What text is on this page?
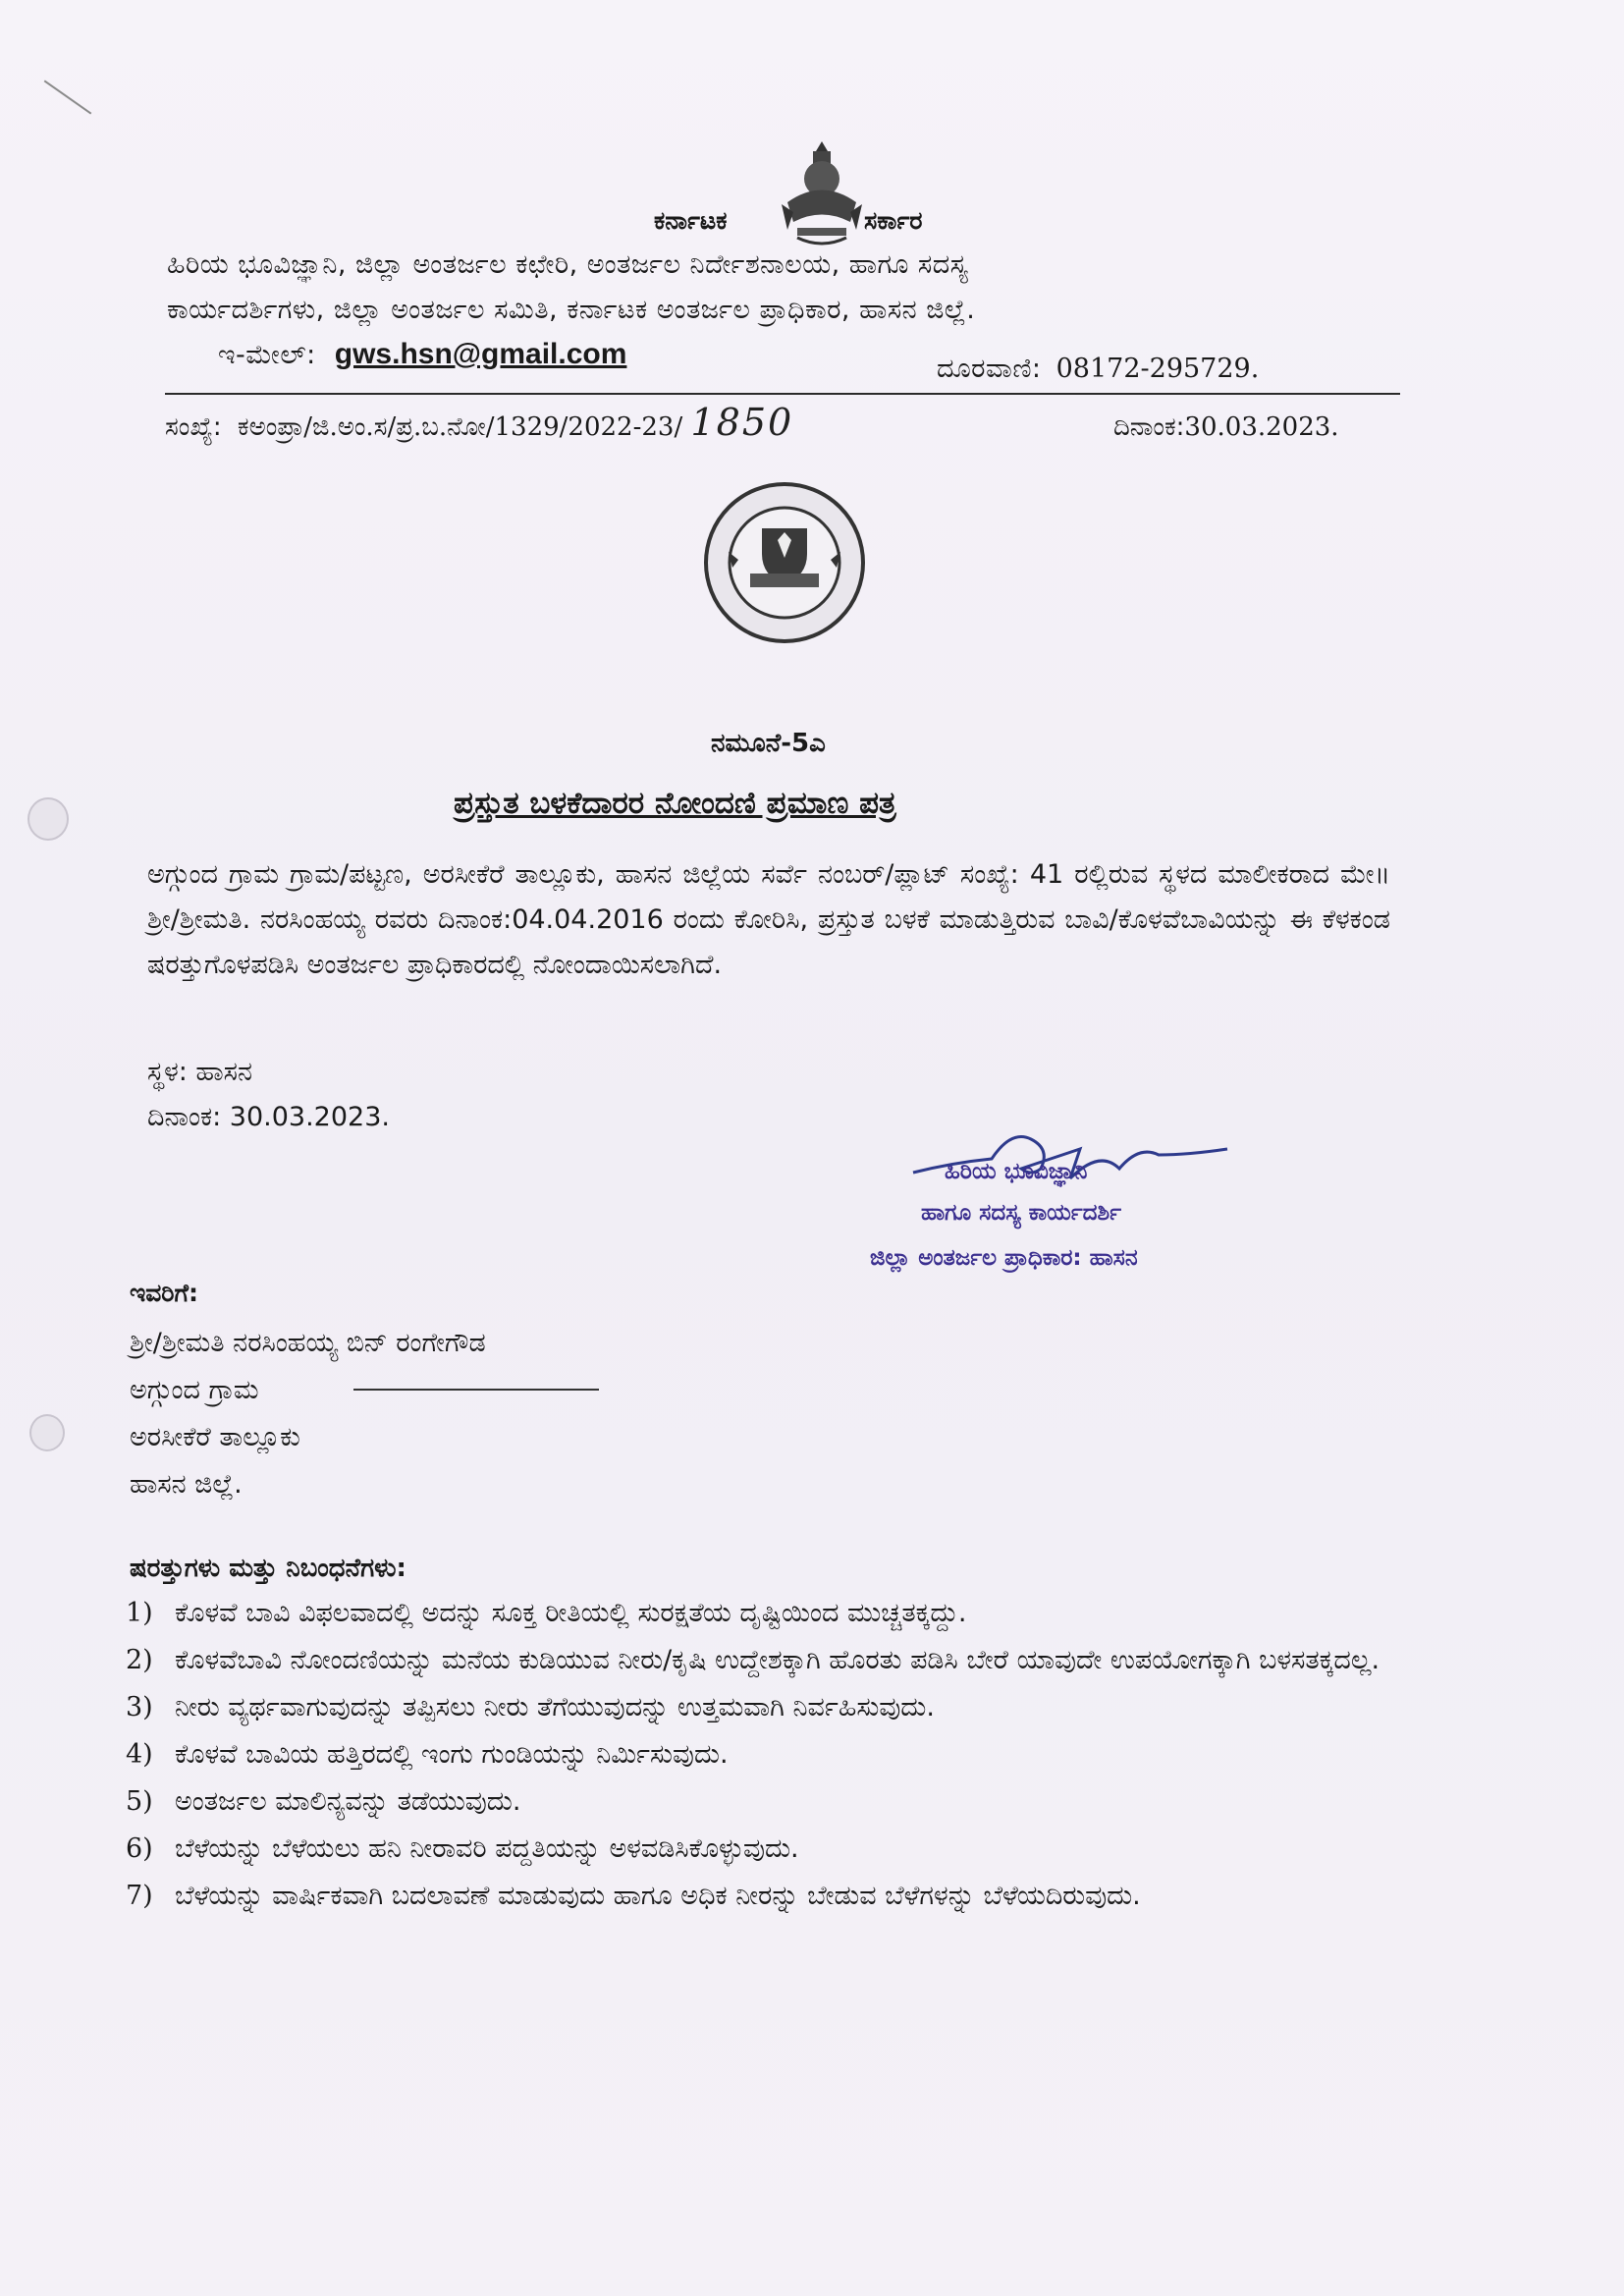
ಕರ್ನಾಟಕ	ಸರ್ಕಾರ
ಹಿರಿಯ ಭೂವಿಜ್ಞಾನಿ, ಜಿಲ್ಲಾ ಅಂತರ್ಜಲ ಕಛೇರಿ, ಅಂತರ್ಜಲ ನಿರ್ದೇಶನಾಲಯ, ಹಾಗೂ ಸದಸ್ಯ
ಕಾರ್ಯದರ್ಶಿಗಳು, ಜಿಲ್ಲಾ ಅಂತರ್ಜಲ ಸಮಿತಿ, ಕರ್ನಾಟಕ ಅಂತರ್ಜಲ ಪ್ರಾಧಿಕಾರ, ಹಾಸನ ಜಿಲ್ಲೆ.
ಇ-ಮೇಲ್: gws.hsn@gmail.com	ದೂರವಾಣಿ: 08172-295729.
ಸಂಖ್ಯೆ: ಕಅಂಪ್ರಾ/ಜಿ.ಅಂ.ಸ/ಪ್ರ.ಬ.ನೋ/1329/2022-23/ 1850	ದಿನಾಂಕ:30.03.2023.
ನಮೂನೆ-5ಎ
ಪ್ರಸ್ತುತ ಬಳಕೆದಾರರ ನೋಂದಣಿ ಪ್ರಮಾಣ ಪತ್ರ
ಅಗ್ಗುಂದ ಗ್ರಾಮ ಗ್ರಾಮ/ಪಟ್ಟಣ, ಅರಸೀಕೆರೆ ತಾಲ್ಲೂಕು, ಹಾಸನ ಜಿಲ್ಲೆಯ ಸರ್ವೆ ನಂಬರ್/ಪ್ಲಾಟ್ ಸಂಖ್ಯೆ: 41 ರಲ್ಲಿರುವ ಸ್ಥಳದ ಮಾಲೀಕರಾದ ಮೇ॥ ಶ್ರೀ/ಶ್ರೀಮತಿ. ನರಸಿಂಹಯ್ಯ ರವರು ದಿನಾಂಕ:04.04.2016 ರಂದು ಕೋರಿಸಿ, ಪ್ರಸ್ತುತ ಬಳಕೆ ಮಾಡುತ್ತಿರುವ ಬಾವಿ/ಕೊಳವೆಬಾವಿಯನ್ನು ಈ ಕೆಳಕಂಡ ಷರತ್ತುಗೊಳಪಡಿಸಿ ಅಂತರ್ಜಲ ಪ್ರಾಧಿಕಾರದಲ್ಲಿ ನೋಂದಾಯಿಸಲಾಗಿದೆ.
ಸ್ಥಳ: ಹಾಸನ
ದಿನಾಂಕ: 30.03.2023.
ಹಿರಿಯ ಭೂವಿಜ್ಞಾನಿ
ಹಾಗೂ ಸದಸ್ಯ ಕಾರ್ಯದರ್ಶಿ
ಜಿಲ್ಲಾ ಅಂತರ್ಜಲ ಪ್ರಾಧಿಕಾರ: ಹಾಸನ
ಇವರಿಗೆ:
ಶ್ರೀ/ಶ್ರೀಮತಿ ನರಸಿಂಹಯ್ಯ ಬಿನ್ ರಂಗೇಗೌಡ
ಅಗ್ಗುಂದ ಗ್ರಾಮ
ಅರಸೀಕೆರೆ ತಾಲ್ಲೂಕು
ಹಾಸನ ಜಿಲ್ಲೆ.
ಷರತ್ತುಗಳು ಮತ್ತು ನಿಬಂಧನೆಗಳು:
1) ಕೊಳವೆ ಬಾವಿ ವಿಫಲವಾದಲ್ಲಿ ಅದನ್ನು ಸೂಕ್ತ ರೀತಿಯಲ್ಲಿ ಸುರಕ್ಷತೆಯ ದೃಷ್ಟಿಯಿಂದ ಮುಚ್ಚತಕ್ಕದ್ದು.
2) ಕೊಳವೆಬಾವಿ ನೋಂದಣಿಯನ್ನು ಮನೆಯ ಕುಡಿಯುವ ನೀರು/ಕೃಷಿ ಉದ್ದೇಶಕ್ಕಾಗಿ ಹೊರತು ಪಡಿಸಿ ಬೇರೆ ಯಾವುದೇ ಉಪಯೋಗಕ್ಕಾಗಿ ಬಳಸತಕ್ಕದಲ್ಲ.
3) ನೀರು ವ್ಯರ್ಥವಾಗುವುದನ್ನು ತಪ್ಪಿಸಲು ನೀರು ತೆಗೆಯುವುದನ್ನು ಉತ್ತಮವಾಗಿ ನಿರ್ವಹಿಸುವುದು.
4) ಕೊಳವೆ ಬಾವಿಯ ಹತ್ತಿರದಲ್ಲಿ ಇಂಗು ಗುಂಡಿಯನ್ನು ನಿರ್ಮಿಸುವುದು.
5) ಅಂತರ್ಜಲ ಮಾಲಿನ್ಯವನ್ನು ತಡೆಯುವುದು.
6) ಬೆಳೆಯನ್ನು ಬೆಳೆಯಲು ಹನಿ ನೀರಾವರಿ ಪದ್ದತಿಯನ್ನು ಅಳವಡಿಸಿಕೊಳ್ಳುವುದು.
7) ಬೆಳೆಯನ್ನು ವಾರ್ಷಿಕವಾಗಿ ಬದಲಾವಣೆ ಮಾಡುವುದು ಹಾಗೂ ಅಧಿಕ ನೀರನ್ನು ಬೇಡುವ ಬೆಳೆಗಳನ್ನು ಬೆಳೆಯದಿರುವುದು.
